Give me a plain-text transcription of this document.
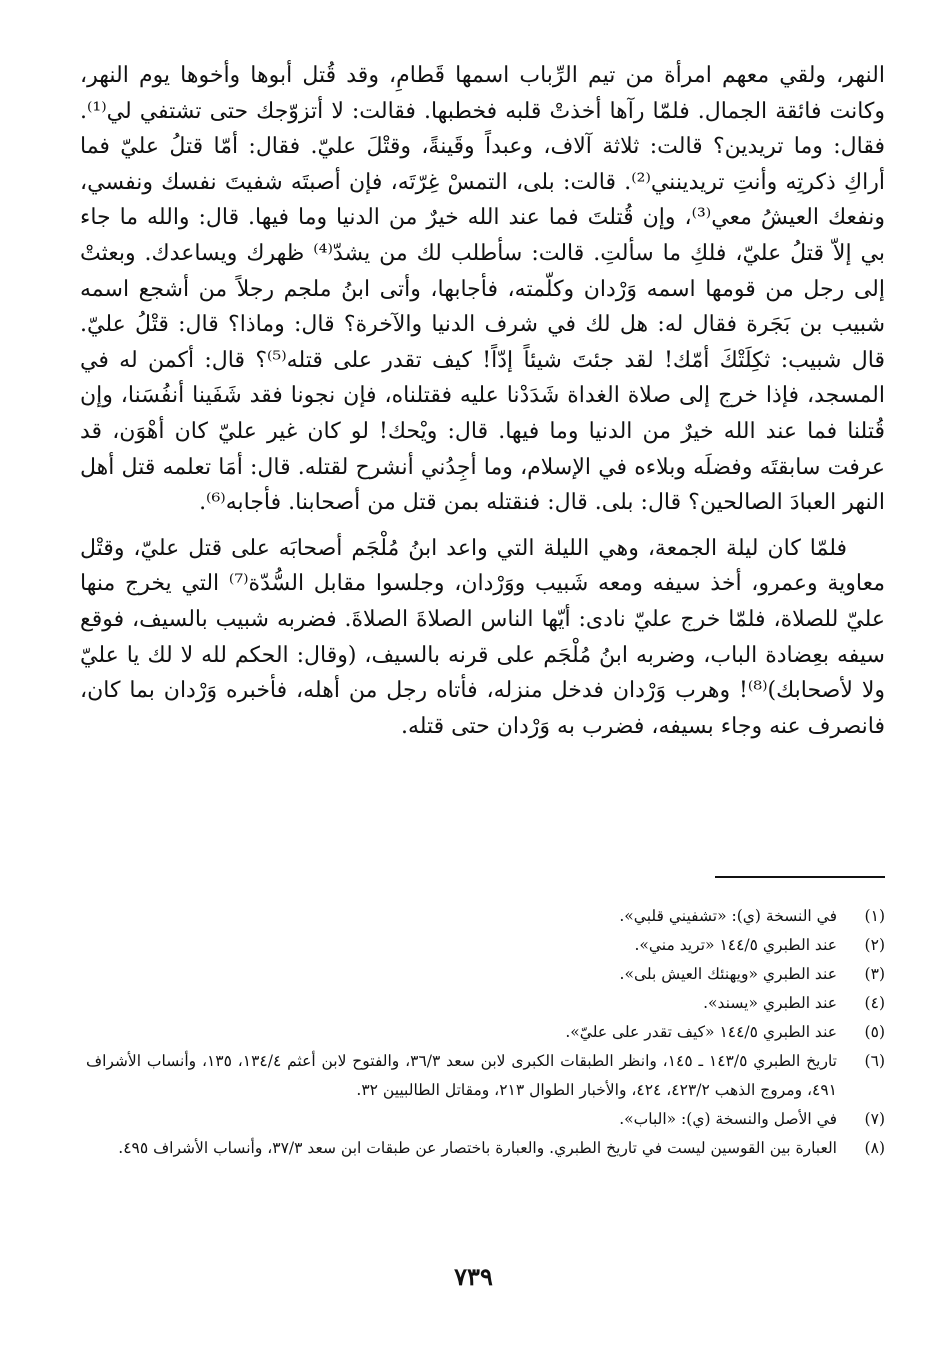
النهر، ولقي معهم امرأة من تيم الرِّباب اسمها قَطامِ، وقد قُتل أبوها وأخوها يوم النهر، وكانت فائقة الجمال. فلمّا رآها أخذتْ قلبه فخطبها. فقالت: لا أتزوّجك حتى تشتفي لي⁽¹⁾. فقال: وما تريدين؟ قالت: ثلاثة آلاف، وعبداً وقَينةً، وقتْلَ عليّ. فقال: أمّا قتلُ عليّ فما أراكِ ذكرتِه وأنتِ تريدينني⁽²⁾. قالت: بلى، التمسْ غِرّتَه، فإن أصبتَه شفيتَ نفسك ونفسي، ونفعك العيشُ معي⁽³⁾، وإن قُتلتَ فما عند الله خيرٌ من الدنيا وما فيها. قال: والله ما جاء بي إلاّ قتلُ عليّ، فلكِ ما سألتِ. قالت: سأطلب لك من يشدّ⁽⁴⁾ ظهرك ويساعدك. وبعثتْ إلى رجل من قومها اسمه وَرْدان وكلّمته، فأجابها، وأتى ابنُ ملجم رجلاً من أشجع اسمه شبيب بن بَجَرة فقال له: هل لك في شرف الدنيا والآخرة؟ قال: وماذا؟ قال: قتْلُ عليّ. قال شبيب: ثكِلَتْكَ أمّك! لقد جئتَ شيئاً إدّاً! كيف تقدر على قتله⁽⁵⁾؟ قال: أكمن له في المسجد، فإذا خرج إلى صلاة الغداة شَدَدْنا عليه فقتلناه، فإن نجونا فقد شَفَينا أنفُسَنا، وإن قُتلنا فما عند الله خيرٌ من الدنيا وما فيها. قال: ويْحك! لو كان غير عليّ كان أهْوَن، قد عرفت سابقتَه وفضلَه وبلاءه في الإسلام، وما أجِدُني أنشرح لقتله. قال: أمَا تعلمه قتل أهل النهر العبادَ الصالحين؟ قال: بلى. قال: فنقتله بمن قتل من أصحابنا. فأجابه⁽⁶⁾.

فلمّا كان ليلة الجمعة، وهي الليلة التي واعد ابنُ مُلْجَم أصحابَه على قتل عليّ، وقتْل معاوية وعمرو، أخذ سيفه ومعه شَبيب ووَرْدان، وجلسوا مقابل السُّدّة⁽⁷⁾ التي يخرج منها عليّ للصلاة، فلمّا خرج عليّ نادى: أيّها الناس الصلاةَ الصلاةَ. فضربه شبيب بالسيف، فوقع سيفه بعِضادة الباب، وضربه ابنُ مُلْجَم على قرنه بالسيف، (وقال: الحكم لله لا لك يا عليّ ولا لأصحابك)⁽⁸⁾! وهرب وَرْدان فدخل منزله، فأتاه رجل من أهله، فأخبره وَرْدان بما كان، فانصرف عنه وجاء بسيفه، فضرب به وَرْدان حتى قتله.

(١)
في النسخة (ي): «تشفيني قلبي».
(٢)
عند الطبري ١٤٤/٥ «تريد مني».
(٣)
عند الطبري «ويهنئك العيش بلى».
(٤)
عند الطبري «يسند».
(٥)
عند الطبري ١٤٤/٥ «كيف تقدر على عليّ».
(٦)
تاريخ الطبري ١٤٣/٥ ـ ١٤٥، وانظر الطبقات الكبرى لابن سعد ٣٦/٣، والفتوح لابن أعثم ١٣٤/٤، ١٣٥، وأنساب الأشراف ٤٩١، ومروج الذهب ٤٢٣/٢، ٤٢٤، والأخبار الطوال ٢١٣، ومقاتل الطالبيين ٣٢.
(٧)
في الأصل والنسخة (ي): «الباب».
(٨)
العبارة بين القوسين ليست في تاريخ الطبري. والعبارة باختصار عن طبقات ابن سعد ٣٧/٣، وأنساب الأشراف ٤٩٥.
٧٣٩
